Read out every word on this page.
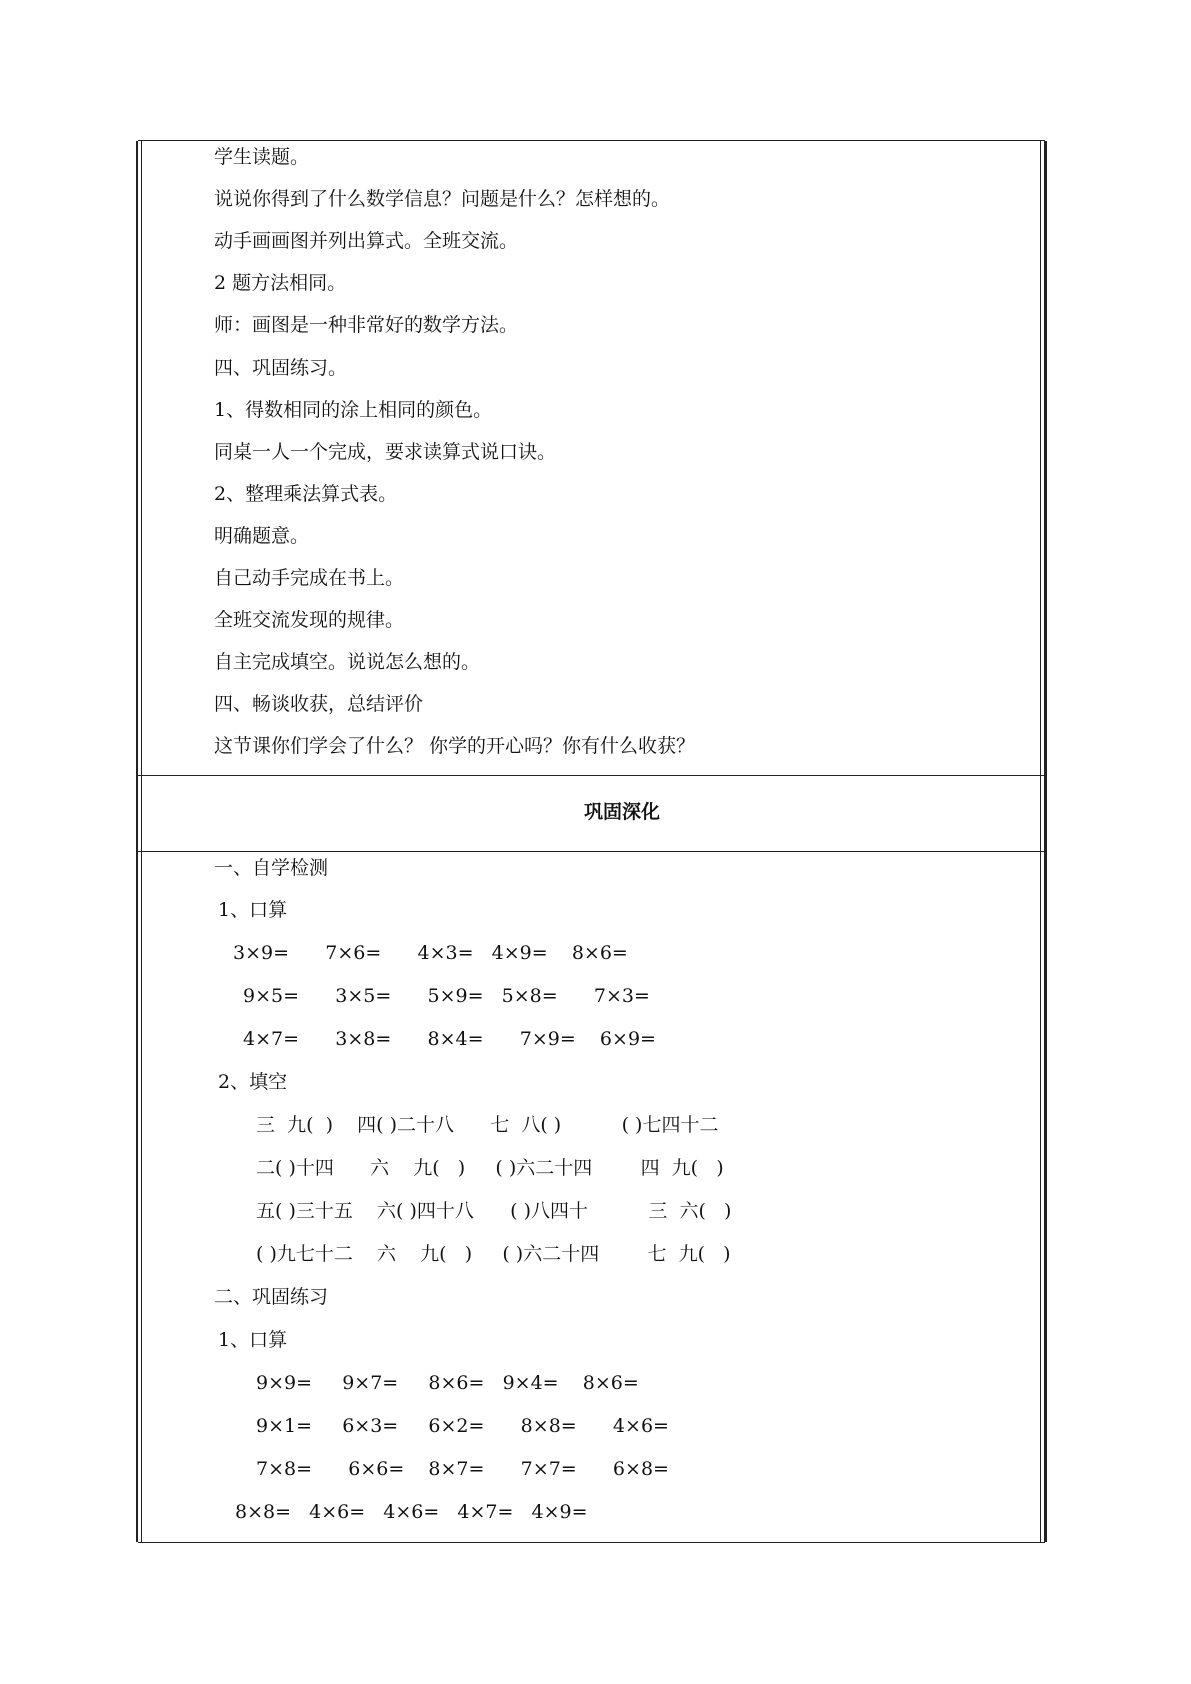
学生读题。
说说你得到了什么数学信息？问题是什么？怎样想的。
动手画画图并列出算式。全班交流。
2 题方法相同。
师：画图是一种非常好的数学方法。
四、巩固练习。
1、得数相同的涂上相同的颜色。
同桌一人一个完成，要求读算式说口诀。
2、整理乘法算式表。
明确题意。
自己动手完成在书上。
全班交流发现的规律。
自主完成填空。说说怎么想的。
四、畅谈收获，总结评价
这节课你们学会了什么？ 你学的开心吗？你有什么收获？
巩固深化
一、自学检测
1、口算
3×9=      7×6=      4×3=   4×9=    8×6=
9×5=      3×5=      5×9=   5×8=      7×3=
4×7=      3×8=      8×4=      7×9=    6×9=
2、填空
三  九(  )    四( )二十八      七  八( )          ( )七四十二
二( )十四      六    九(   )     ( )六二十四        四  九(   )
五( )三十五    六( )四十八      ( )八四十          三  六(   )
( )九七十二    六    九(   )     ( )六二十四        七  九(   )
二、巩固练习
1、口算
9×9=     9×7=     8×6=   9×4=    8×6=
9×1=     6×3=     6×2=      8×8=      4×6=
7×8=      6×6=    8×7=      7×7=      6×8=
8×8=   4×6=   4×6=   4×7=   4×9=
